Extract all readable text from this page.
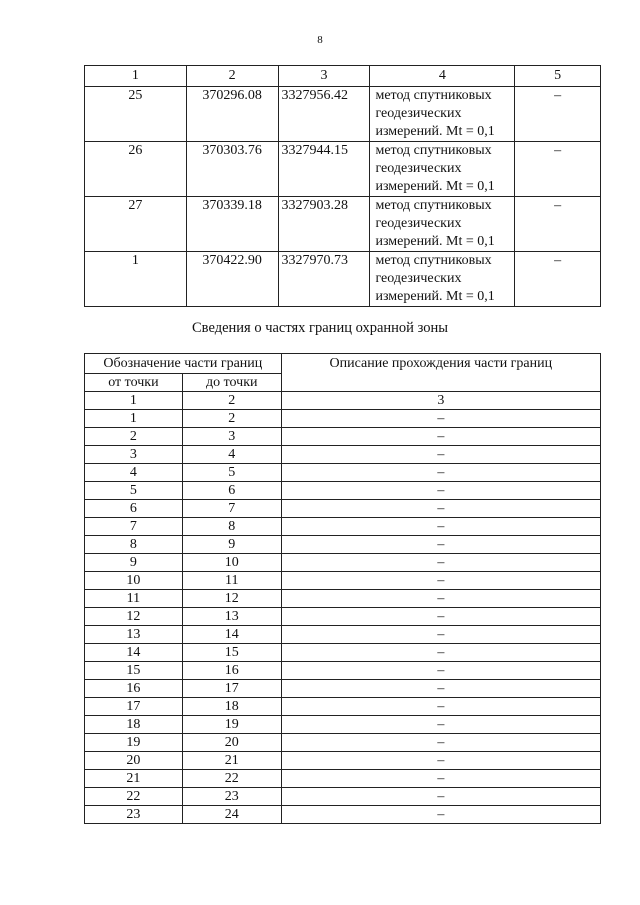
8
1	2	3	4	5
25	370296.08	3327956.42	метод спутниковых
геодезических
измерений. Mt = 0,1	–
26	370303.76	3327944.15	метод спутниковых
геодезических
измерений. Mt = 0,1	–
27	370339.18	3327903.28	метод спутниковых
геодезических
измерений. Mt = 0,1	–
1	370422.90	3327970.73	метод спутниковых
геодезических
измерений. Mt = 0,1	–
Сведения о частях границ охранной зоны
Обозначение части границ		Описание прохождения части границ
от точки	до точки	
1	2	3
1	2	–
2	3	–
3	4	–
4	5	–
5	6	–
6	7	–
7	8	–
8	9	–
9	10	–
10	11	–
11	12	–
12	13	–
13	14	–
14	15	–
15	16	–
16	17	–
17	18	–
18	19	–
19	20	–
20	21	–
21	22	–
22	23	–
23	24	–
